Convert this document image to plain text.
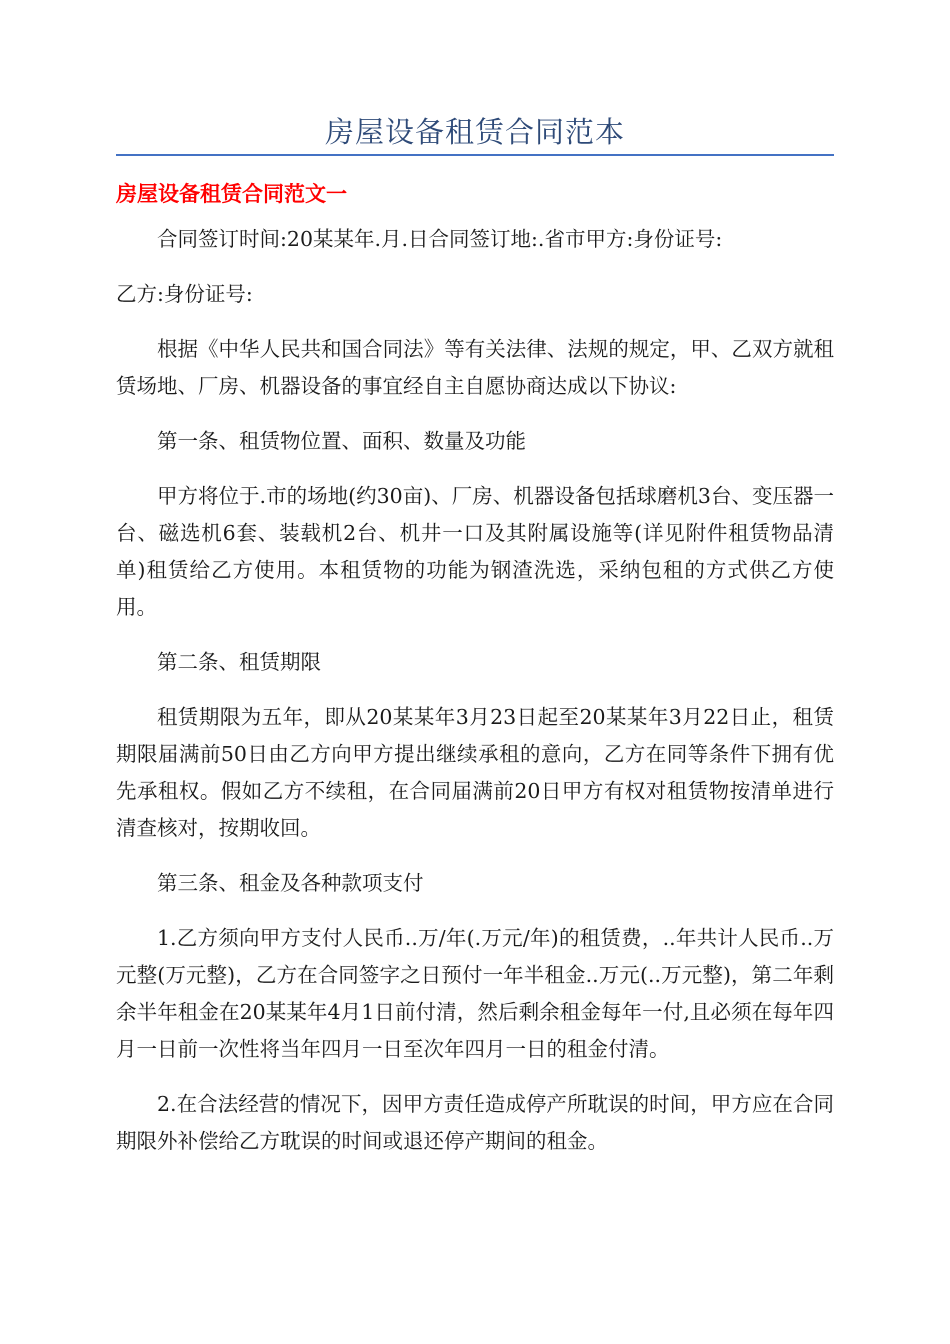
房屋设备租赁合同范本
房屋设备租赁合同范文一

合同签订时间:20某某年.月.日合同签订地:.省市甲方:身份证号:

乙方:身份证号:

根据《中华人民共和国合同法》等有关法律、法规的规定，甲、乙双方就租赁场地、厂房、机器设备的事宜经自主自愿协商达成以下协议:

第一条、租赁物位置、面积、数量及功能

甲方将位于.市的场地(约30亩)、厂房、机器设备包括球磨机3台、变压器一台、磁选机6套、装载机2台、机井一口及其附属设施等(详见附件租赁物品清单)租赁给乙方使用。本租赁物的功能为钢渣洗选，采纳包租的方式供乙方使用。

第二条、租赁期限

租赁期限为五年，即从20某某年3月23日起至20某某年3月22日止，租赁期限届满前50日由乙方向甲方提出继续承租的意向，乙方在同等条件下拥有优先承租权。假如乙方不续租，在合同届满前20日甲方有权对租赁物按清单进行清查核对，按期收回。

第三条、租金及各种款项支付

1.乙方须向甲方支付人民币..万/年(.万元/年)的租赁费，..年共计人民币..万元整(万元整)，乙方在合同签字之日预付一年半租金..万元(..万元整)，第二年剩余半年租金在20某某年4月1日前付清，然后剩余租金每年一付,且必须在每年四月一日前一次性将当年四月一日至次年四月一日的租金付清。

2.在合法经营的情况下，因甲方责任造成停产所耽误的时间，甲方应在合同期限外补偿给乙方耽误的时间或退还停产期间的租金。
